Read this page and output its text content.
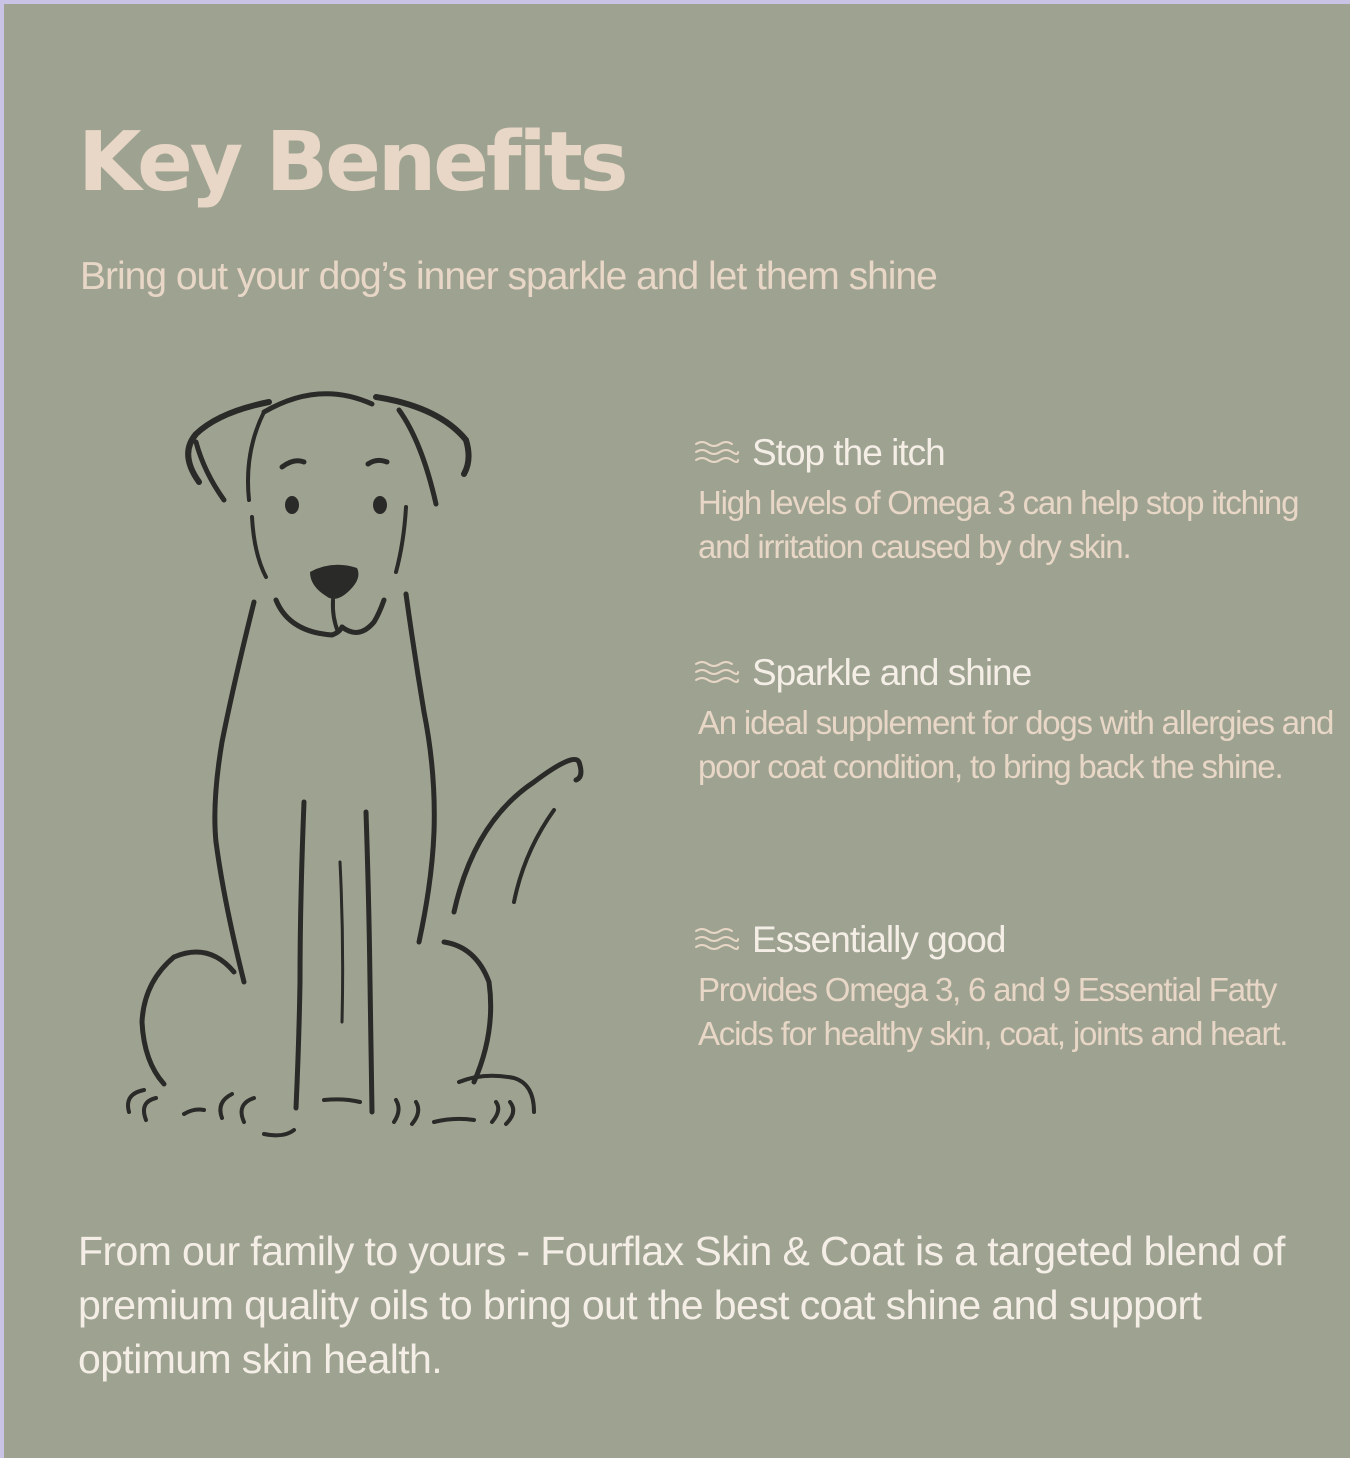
Key Benefits

Bring out your dog’s inner sparkle and let them shine

Stop the itch

High levels of Omega 3 can help stop itching and irritation caused by dry skin.

Sparkle and shine

An ideal supplement for dogs with allergies and poor coat condition, to bring back the shine.

Essentially good

Provides Omega 3, 6 and 9 Essential Fatty Acids for healthy skin, coat, joints and heart.

From our family to yours - Fourflax Skin & Coat is a targeted blend of premium quality oils to bring out the best coat shine and support optimum skin health.
